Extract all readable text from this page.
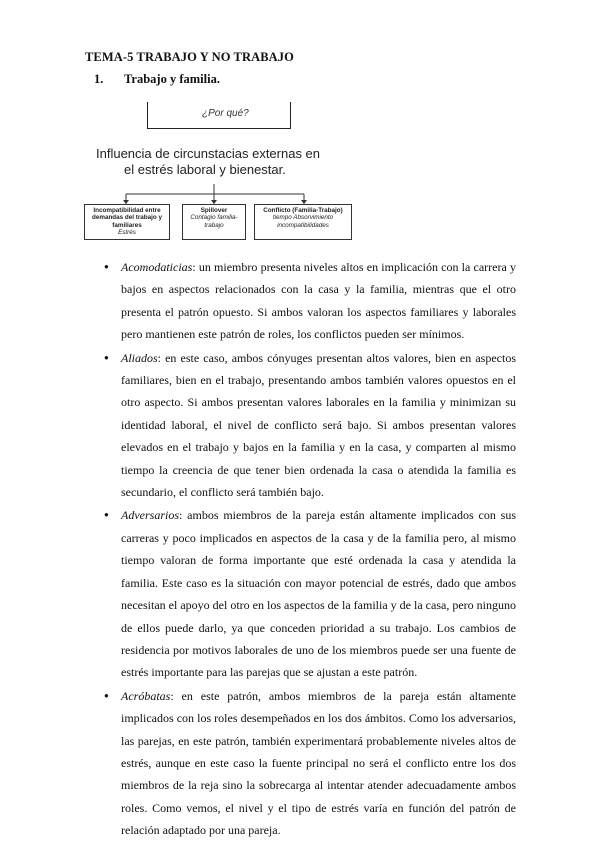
TEMA-5 TRABAJO Y NO TRABAJO
1. Trabajo y familia.
¿Por qué?
Influencia de circunstacias externas en
el estrés laboral y bienestar.
Incompatibilidad entre demandas del trabajo y familiares
Estrés
Spillover
Contagio familia-trabajo
Conflicto (Familia-Trabajo)
tiempo Absorvimiento incompatibilidades
● Acomodaticias: un miembro presenta niveles altos en implicación con la carrera y bajos en aspectos relacionados con la casa y la familia, mientras que el otro presenta el patrón opuesto. Si ambos valoran los aspectos familiares y laborales pero mantienen este patrón de roles, los conflictos pueden ser mínimos.
● Aliados: en este caso, ambos cónyuges presentan altos valores, bien en aspectos familiares, bien en el trabajo, presentando ambos también valores opuestos en el otro aspecto. Si ambos presentan valores laborales en la familia y minimizan su identidad laboral, el nivel de conflicto será bajo. Si ambos presentan valores elevados en el trabajo y bajos en la familia y en la casa, y comparten al mismo tiempo la creencia de que tener bien ordenada la casa o atendida la familia es secundario, el conflicto será también bajo.
● Adversarios: ambos miembros de la pareja están altamente implicados con sus carreras y poco implicados en aspectos de la casa y de la familia pero, al mismo tiempo valoran de forma importante que esté ordenada la casa y atendida la familia. Este caso es la situación con mayor potencial de estrés, dado que ambos necesitan el apoyo del otro en los aspectos de la familia y de la casa, pero ninguno de ellos puede darlo, ya que conceden prioridad a su trabajo. Los cambios de residencia por motivos laborales de uno de los miembros puede ser una fuente de estrés importante para las parejas que se ajustan a este patrón.
● Acróbatas: en este patrón, ambos miembros de la pareja están altamente implicados con los roles desempeñados en los dos ámbitos. Como los adversarios, las parejas, en este patrón, también experimentará probablemente niveles altos de estrés, aunque en este caso la fuente principal no será el conflicto entre los dos miembros de la reja sino la sobrecarga al intentar atender adecuadamente ambos roles. Como vemos, el nivel y el tipo de estrés varía en función del patrón de relación adaptado por una pareja.
